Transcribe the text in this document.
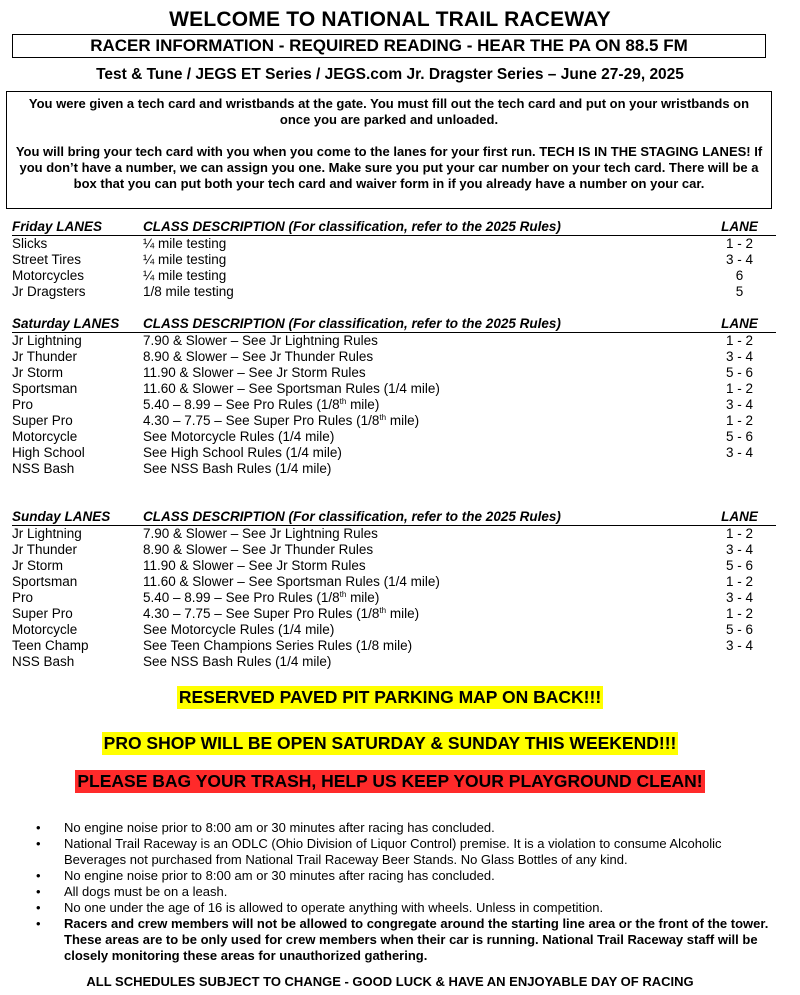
WELCOME TO NATIONAL TRAIL RACEWAY
RACER INFORMATION - REQUIRED READING - HEAR THE PA ON 88.5 FM
Test & Tune / JEGS ET Series / JEGS.com Jr. Dragster Series – June 27-29, 2025

You were given a tech card and wristbands at the gate. You must fill out the tech card and put on your wristbands on once you are parked and unloaded.

You will bring your tech card with you when you come to the lanes for your first run. TECH IS IN THE STAGING LANES! If you don’t have a number, we can assign you one. Make sure you put your car number on your tech card. There will be a box that you can put both your tech card and waiver form in if you already have a number on your car.

Friday LANES	CLASS DESCRIPTION (For classification, refer to the 2025 Rules)	LANE
Slicks	¼ mile testing	1 - 2
Street Tires	¼ mile testing	3 - 4
Motorcycles	¼ mile testing	6
Jr Dragsters	1/8 mile testing	5
Saturday LANES	CLASS DESCRIPTION (For classification, refer to the 2025 Rules)	LANE
Jr Lightning	7.90 & Slower – See Jr Lightning Rules	1 - 2
Jr Thunder	8.90 & Slower – See Jr Thunder Rules	3 - 4
Jr Storm	11.90 & Slower – See Jr Storm Rules	5 - 6
Sportsman	11.60 & Slower – See Sportsman Rules (1/4 mile)	1 - 2
Pro	5.40 – 8.99 – See Pro Rules (1/8th mile)	3 - 4
Super Pro	4.30 – 7.75 – See Super Pro Rules (1/8th mile)	1 - 2
Motorcycle	See Motorcycle Rules (1/4 mile)	5 - 6
High School	See High School Rules (1/4 mile)	3 - 4
NSS Bash	See NSS Bash Rules (1/4 mile)
Sunday LANES	CLASS DESCRIPTION (For classification, refer to the 2025 Rules)	LANE
Jr Lightning	7.90 & Slower – See Jr Lightning Rules	1 - 2
Jr Thunder	8.90 & Slower – See Jr Thunder Rules	3 - 4
Jr Storm	11.90 & Slower – See Jr Storm Rules	5 - 6
Sportsman	11.60 & Slower – See Sportsman Rules (1/4 mile)	1 - 2
Pro	5.40 – 8.99 – See Pro Rules (1/8th mile)	3 - 4
Super Pro	4.30 – 7.75 – See Super Pro Rules (1/8th mile)	1 - 2
Motorcycle	See Motorcycle Rules (1/4 mile)	5 - 6
Teen Champ	See Teen Champions Series Rules (1/8 mile)	3 - 4
NSS Bash	See NSS Bash Rules (1/4 mile)
RESERVED PAVED PIT PARKING MAP ON BACK!!!
PRO SHOP WILL BE OPEN SATURDAY & SUNDAY THIS WEEKEND!!!
PLEASE BAG YOUR TRASH, HELP US KEEP YOUR PLAYGROUND CLEAN!
•	No engine noise prior to 8:00 am or 30 minutes after racing has concluded.
•	National Trail Raceway is an ODLC (Ohio Division of Liquor Control) premise. It is a violation to consume Alcoholic Beverages not purchased from National Trail Raceway Beer Stands. No Glass Bottles of any kind.
•	No engine noise prior to 8:00 am or 30 minutes after racing has concluded.
•	All dogs must be on a leash.
•	No one under the age of 16 is allowed to operate anything with wheels. Unless in competition.
•	Racers and crew members will not be allowed to congregate around the starting line area or the front of the tower. These areas are to be only used for crew members when their car is running. National Trail Raceway staff will be closely monitoring these areas for unauthorized gathering.
ALL SCHEDULES SUBJECT TO CHANGE - GOOD LUCK & HAVE AN ENJOYABLE DAY OF RACING
